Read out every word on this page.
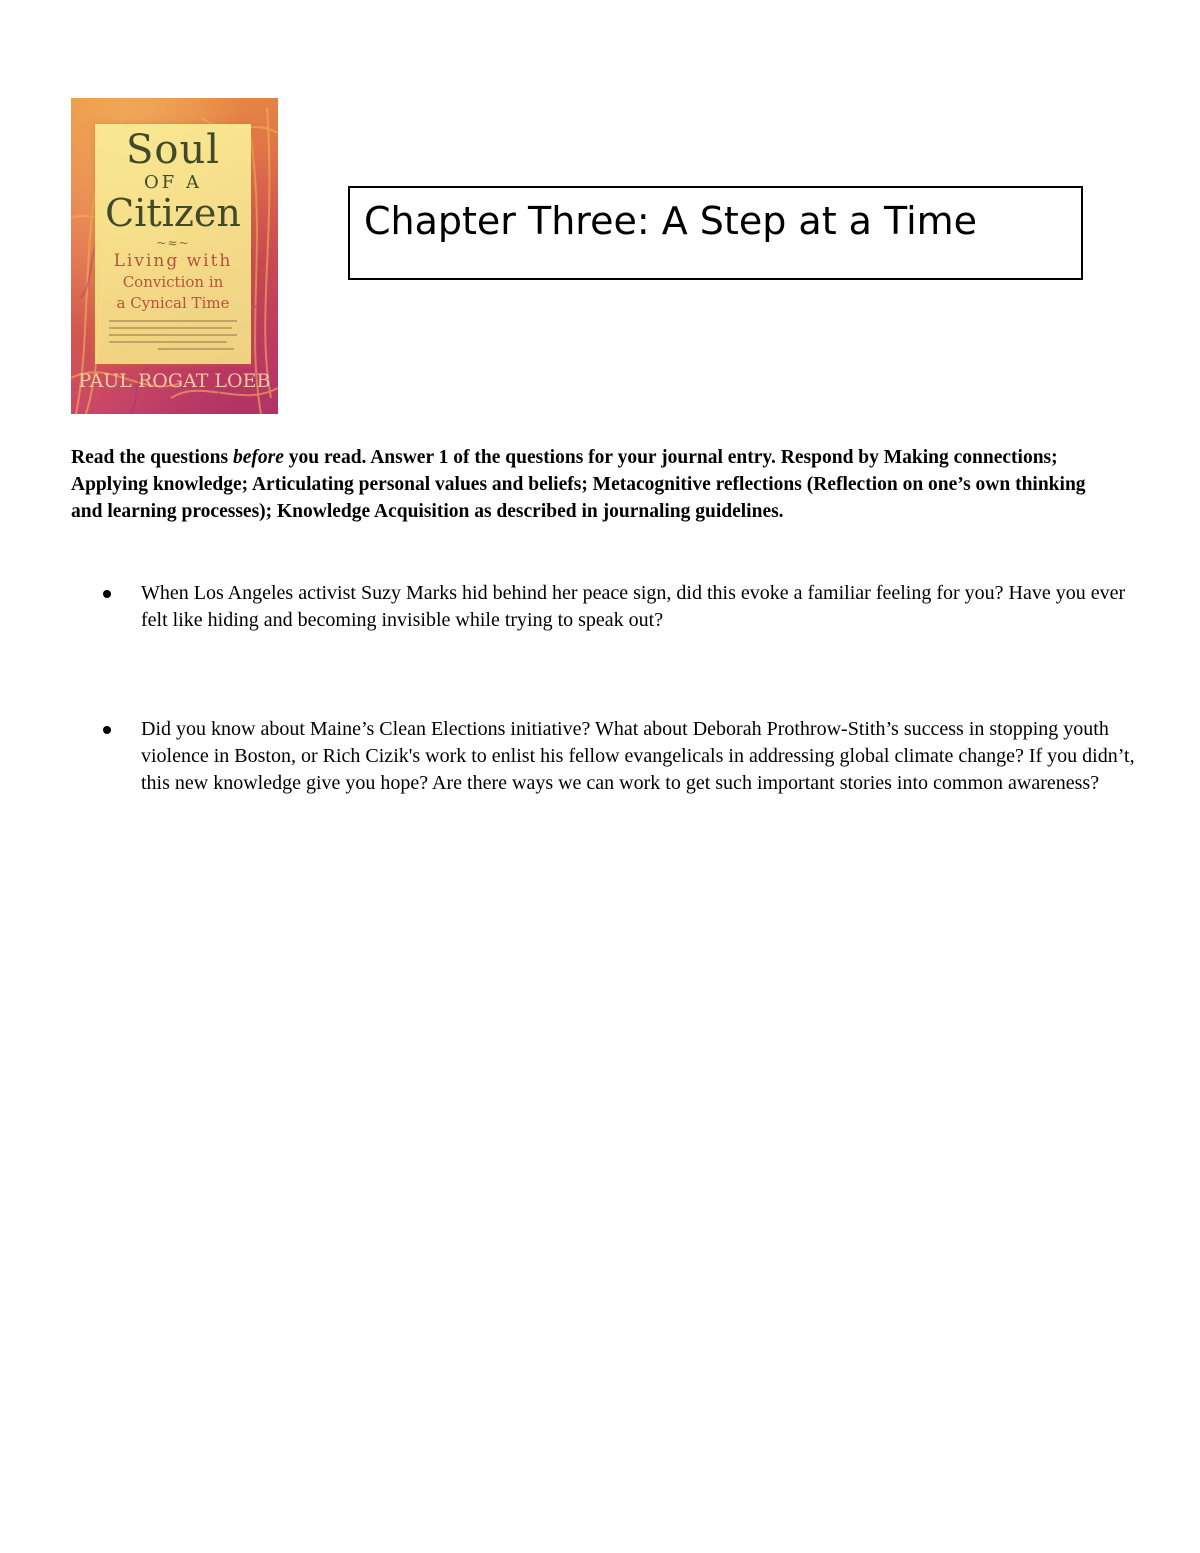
Soul
OF A
Citizen
~≈~
Living with
Conviction in
a Cynical Time
PAUL ROGAT LOEB
Chapter Three: A Step at a Time

Read the questions before you read. Answer 1 of the questions for your journal entry. Respond by Making connections; Applying knowledge; Articulating personal values and beliefs; Metacognitive reflections (Reflection on one’s own thinking and learning processes); Knowledge Acquisition as described in journaling guidelines.

When Los Angeles activist Suzy Marks hid behind her peace sign, did this evoke a familiar feeling for you? Have you ever felt like hiding and becoming invisible while trying to speak out?

Did you know about Maine’s Clean Elections initiative? What about Deborah Prothrow-Stith’s success in stopping youth violence in Boston, or Rich Cizik's work to enlist his fellow evangelicals in addressing global climate change? If you didn’t, this new knowledge give you hope? Are there ways we can work to get such important stories into common awareness?
